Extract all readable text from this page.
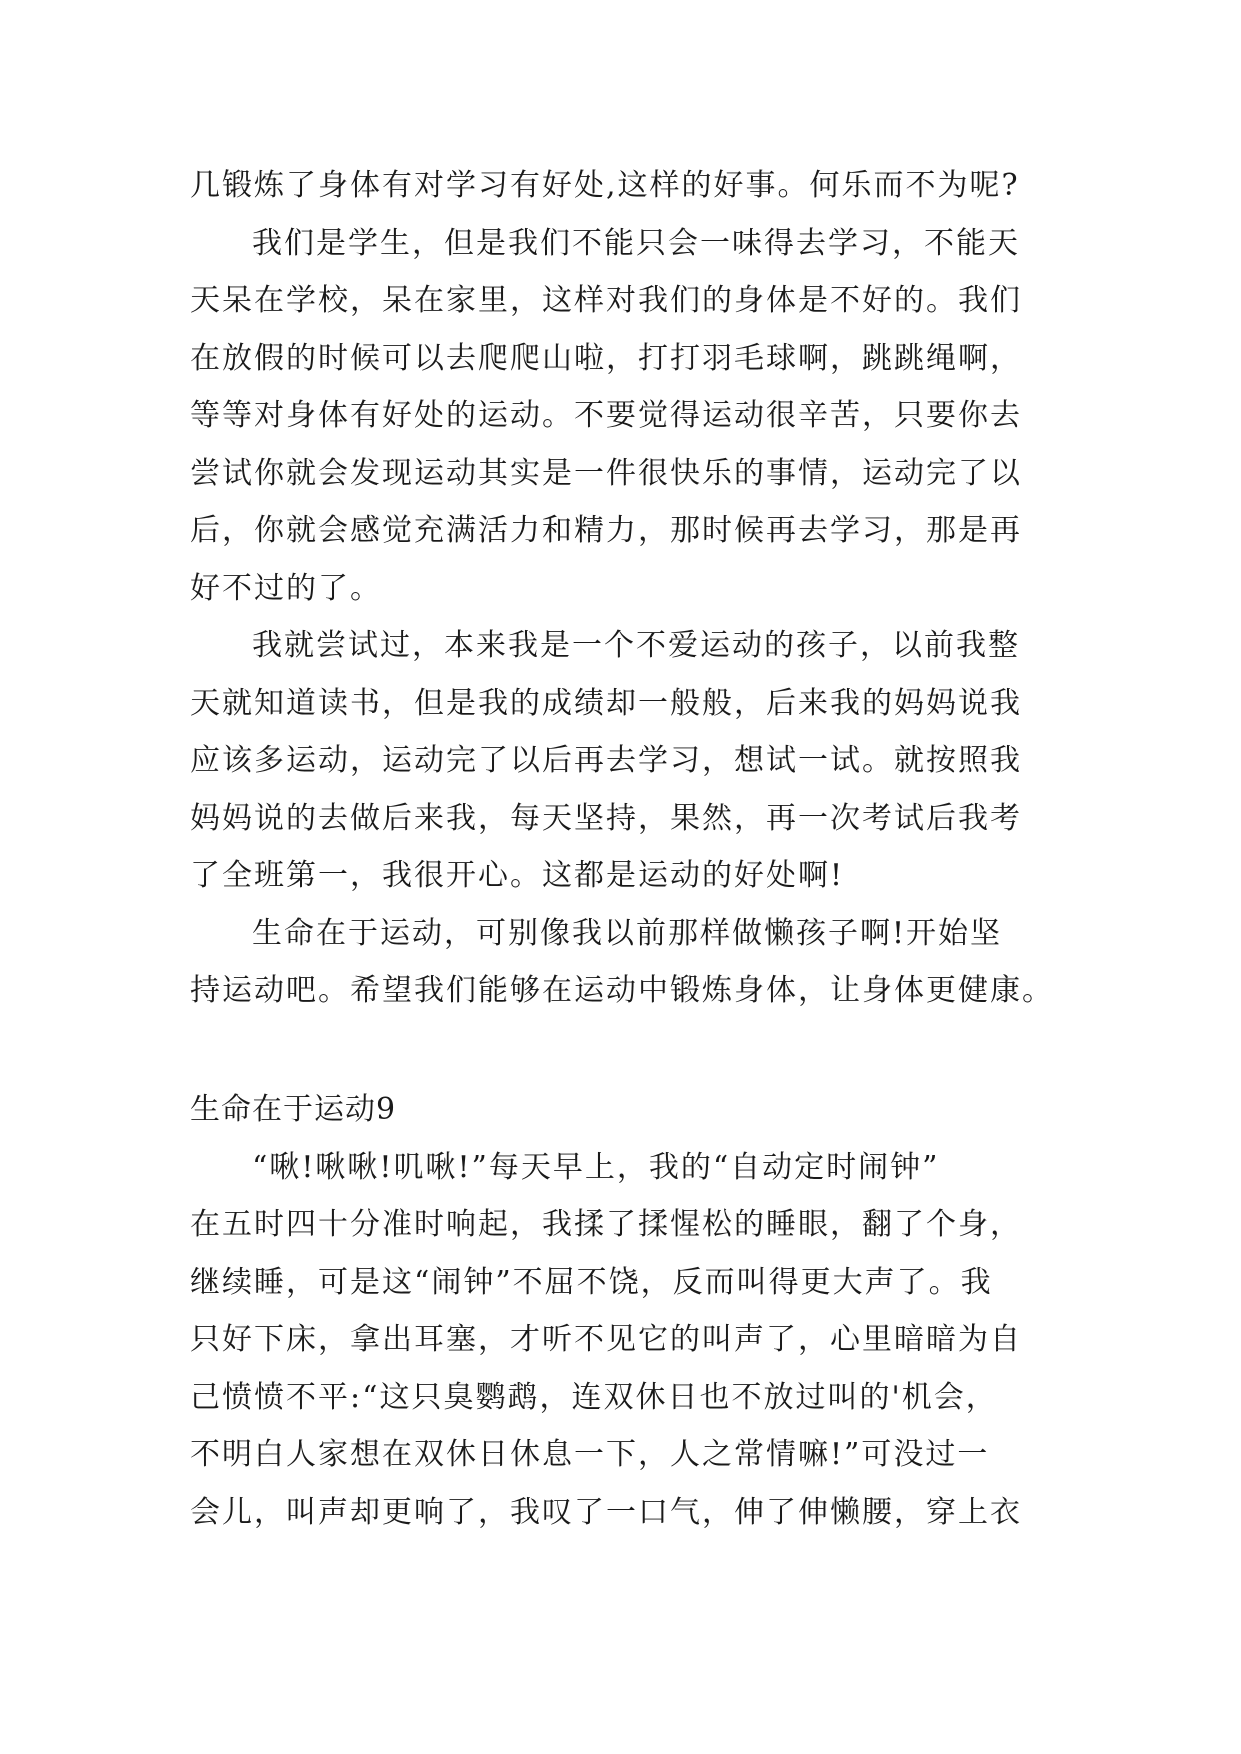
几锻炼了身体有对学习有好处,这样的好事。何乐而不为呢?
我们是学生，但是我们不能只会一味得去学习，不能天
天呆在学校，呆在家里，这样对我们的身体是不好的。我们
在放假的时候可以去爬爬山啦，打打羽毛球啊，跳跳绳啊，
等等对身体有好处的运动。不要觉得运动很辛苦，只要你去
尝试你就会发现运动其实是一件很快乐的事情，运动完了以
后，你就会感觉充满活力和精力，那时候再去学习，那是再
好不过的了。
我就尝试过，本来我是一个不爱运动的孩子，以前我整
天就知道读书，但是我的成绩却一般般，后来我的妈妈说我
应该多运动，运动完了以后再去学习，想试一试。就按照我
妈妈说的去做后来我，每天坚持，果然，再一次考试后我考
了全班第一，我很开心。这都是运动的好处啊!
生命在于运动，可别像我以前那样做懒孩子啊!开始坚
持运动吧。希望我们能够在运动中锻炼身体，让身体更健康。
生命在于运动9
“啾!啾啾!叽啾!”每天早上，我的“自动定时闹钟”
在五时四十分准时响起，我揉了揉惺松的睡眼，翻了个身，
继续睡，可是这“闹钟”不屈不饶，反而叫得更大声了。我
只好下床，拿出耳塞，才听不见它的叫声了，心里暗暗为自
己愤愤不平:“这只臭鹦鹉，连双休日也不放过叫的'机会，
不明白人家想在双休日休息一下，人之常情嘛!”可没过一
会儿，叫声却更响了，我叹了一口气，伸了伸懒腰，穿上衣
